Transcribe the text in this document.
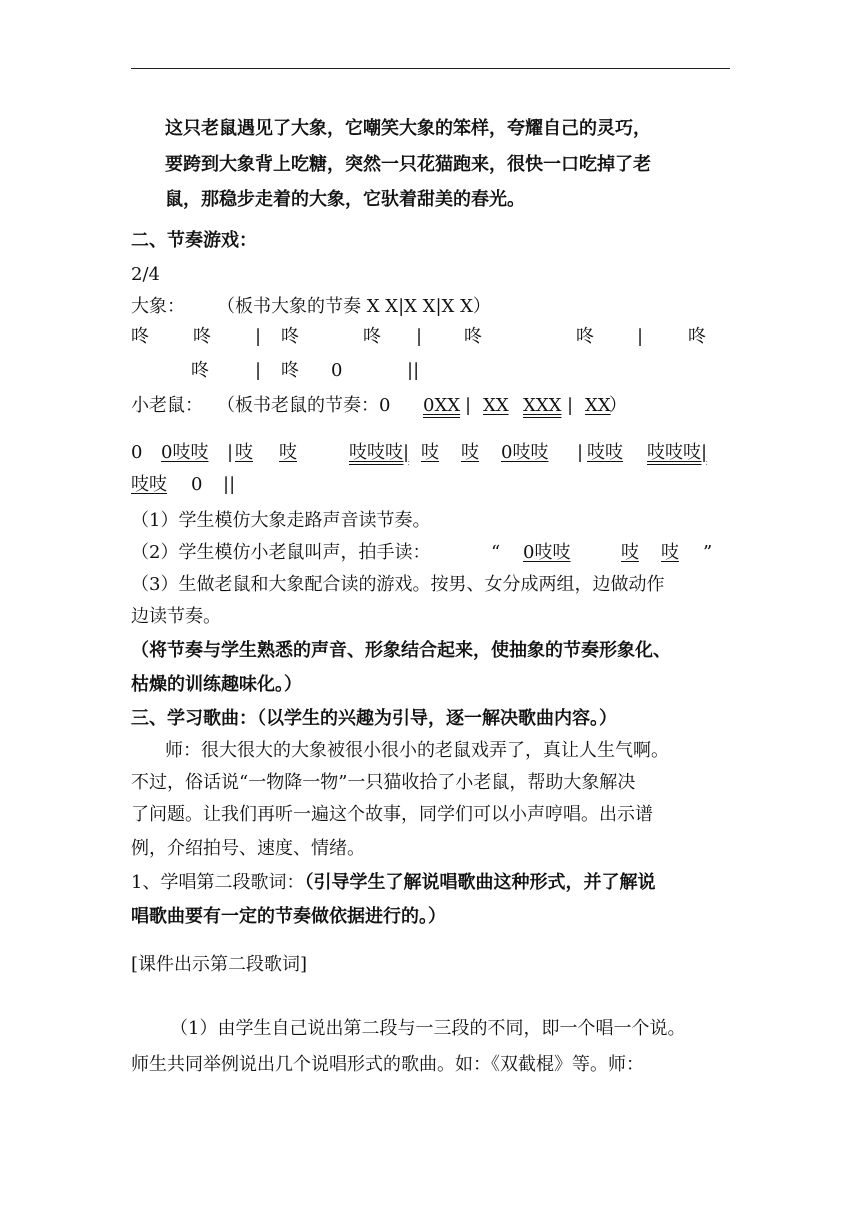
这只老鼠遇见了大象，它嘲笑大象的笨样，夸耀自己的灵巧，
要跨到大象背上吃糖，突然一只花猫跑来，很快一口吃掉了老
鼠，那稳步走着的大象，它驮着甜美的春光。
二、节奏游戏：
2/4
大象： （板书大象的节奏 X X|X X|X X）
咚 咚 | 咚	咚 | 咚	咚 | 咚
咚	| 咚 0	||
小老鼠： （板书老鼠的节奏：0 0XX | XX XXX | XX
）
0 0吱吱 | 吱 吱	吱吱吱| 吱 吱 0吱吱 | 吱吱 吱吱吱|
吱吱 0 ||
（1）学生模仿大象走路声音读节奏。
（2）学生模仿小老鼠叫声，拍手读：	“ 0吱吱	吱 吱 ”
（3）生做老鼠和大象配合读的游戏。按男、女分成两组，边做动作
边读节奏。
（将节奏与学生熟悉的声音、形象结合起来，使抽象的节奏形象化、
枯燥的训练趣味化。）
三、学习歌曲：（以学生的兴趣为引导，逐一解决歌曲内容。）
师：很大很大的大象被很小很小的老鼠戏弄了，真让人生气啊。
不过，俗话说“一物降一物”一只猫收拾了小老鼠，帮助大象解决
了问题。让我们再听一遍这个故事，同学们可以小声哼唱。出示谱
例，介绍拍号、速度、情绪。
1、学唱第二段歌词：（引导学生了解说唱歌曲这种形式，并了解说
唱歌曲要有一定的节奏做依据进行的。）
[课件出示第二段歌词]
（1）由学生自己说出第二段与一三段的不同，即一个唱一个说。
师生共同举例说出几个说唱形式的歌曲。如：《双截棍》等。师：
